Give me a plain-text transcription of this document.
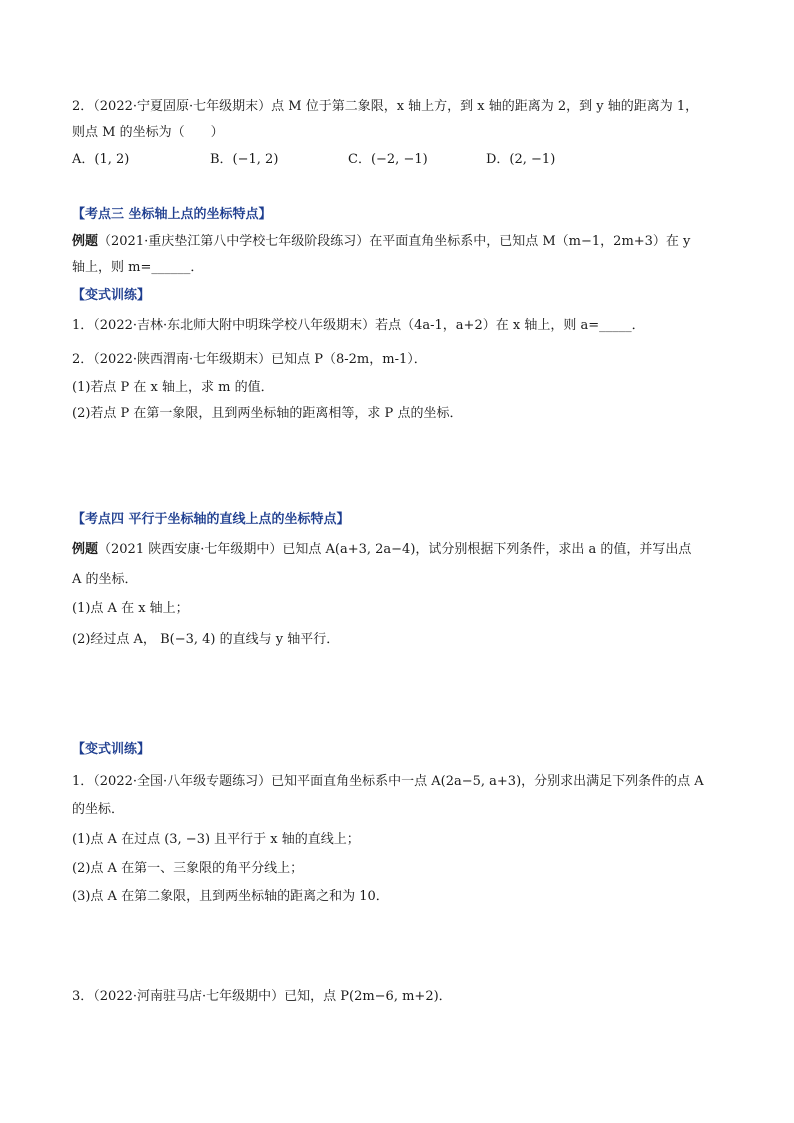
2．（2022·宁夏固原·七年级期末）点 M 位于第二象限，x 轴上方，到 x 轴的距离为 2，到 y 轴的距离为 1，
则点 M 的坐标为（　　）
A．(1, 2)	B．(−1, 2)	C．(−2, −1)	D．(2, −1)
【考点三 坐标轴上点的坐标特点】
例题（2021·重庆垫江第八中学校七年级阶段练习）在平面直角坐标系中，已知点 M（m−1，2m+3）在 y
轴上，则 m=______．
【变式训练】
1．（2022·吉林·东北师大附中明珠学校八年级期末）若点（4a-1，a+2）在 x 轴上，则 a=_____．
2．（2022·陕西渭南·七年级期末）已知点 P（8-2m，m-1）．
(1)若点 P 在 x 轴上，求 m 的值．
(2)若点 P 在第一象限，且到两坐标轴的距离相等，求 P 点的坐标．
【考点四 平行于坐标轴的直线上点的坐标特点】
例题（2021 陕西安康·七年级期中）已知点 A(a+3, 2a−4)，试分别根据下列条件，求出 a 的值，并写出点
A 的坐标．
(1)点 A 在 x 轴上；
(2)经过点 A， B(−3, 4) 的直线与 y 轴平行．
【变式训练】
1．（2022·全国·八年级专题练习）已知平面直角坐标系中一点 A(2a−5, a+3)，分别求出满足下列条件的点 A
的坐标．
(1)点 A 在过点 (3, −3) 且平行于 x 轴的直线上；
(2)点 A 在第一、三象限的角平分线上；
(3)点 A 在第二象限，且到两坐标轴的距离之和为 10．
3．（2022·河南驻马店·七年级期中）已知，点 P(2m−6, m+2)．
